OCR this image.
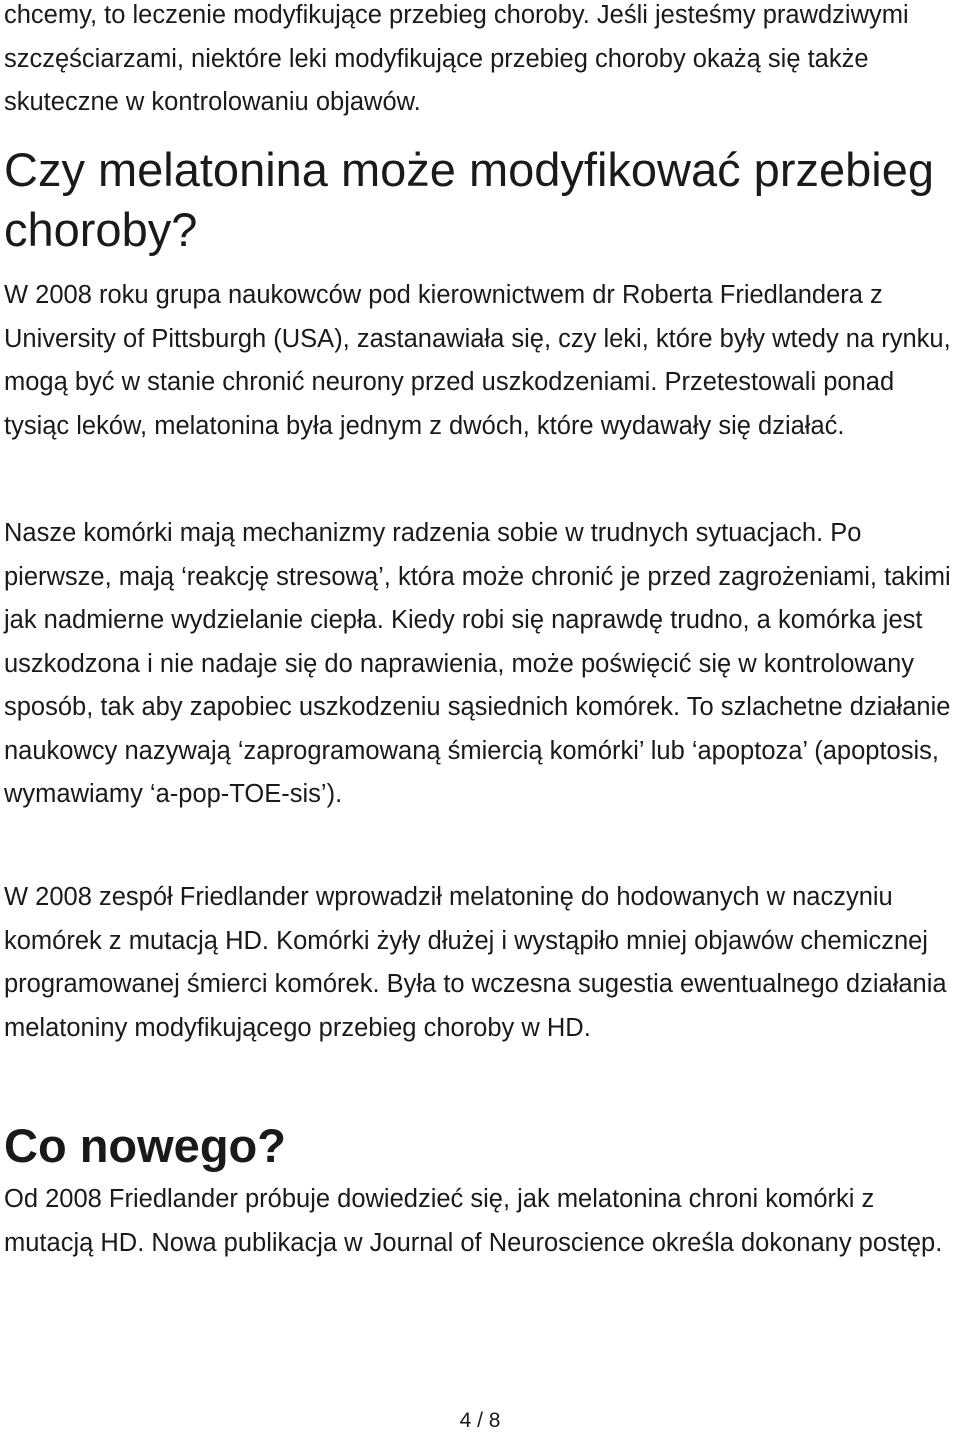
chcemy, to leczenie modyfikujące przebieg choroby. Jeśli jesteśmy prawdziwymi szczęściarzami, niektóre leki modyfikujące przebieg choroby okażą się także skuteczne w kontrolowaniu objawów.

Czy melatonina może modyfikować przebieg choroby?

W 2008 roku grupa naukowców pod kierownictwem dr Roberta Friedlandera z University of Pittsburgh (USA), zastanawiała się, czy leki, które były wtedy na rynku, mogą być w stanie chronić neurony przed uszkodzeniami. Przetestowali ponad tysiąc leków, melatonina była jednym z dwóch, które wydawały się działać.

Nasze komórki mają mechanizmy radzenia sobie w trudnych sytuacjach. Po pierwsze, mają ‘reakcję stresową’, która może chronić je przed zagrożeniami, takimi jak nadmierne wydzielanie ciepła. Kiedy robi się naprawdę trudno, a komórka jest uszkodzona i nie nadaje się do naprawienia, może poświęcić się w kontrolowany sposób, tak aby zapobiec uszkodzeniu sąsiednich komórek. To szlachetne działanie naukowcy nazywają ‘zaprogramowaną śmiercią komórki’ lub ‘apoptoza’ (apoptosis, wymawiamy ‘a-pop-TOE-sis’).

W 2008 zespół Friedlander wprowadził melatoninę do hodowanych w naczyniu komórek z mutacją HD. Komórki żyły dłużej i wystąpiło mniej objawów chemicznej programowanej śmierci komórek. Była to wczesna sugestia ewentualnego działania melatoniny modyfikującego przebieg choroby w HD.

Co nowego?

Od 2008 Friedlander próbuje dowiedzieć się, jak melatonina chroni komórki z mutacją HD. Nowa publikacja w Journal of Neuroscience określa dokonany postęp.

4 / 8
